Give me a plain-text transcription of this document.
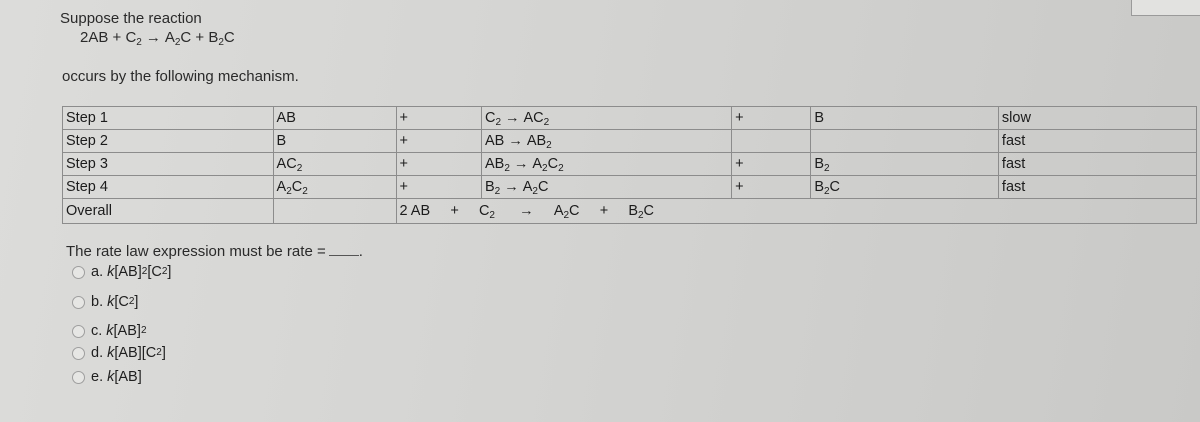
Suppose the reaction
$2AB + C_2 \to A_2C + B_2C$
occurs by the following mechanism.
Step 1	AB	+	$C_2 \to AC_2$	+	B	slow
Step 2	B	+	AB → $AB_2$			fast
Step 3	$AC_2$	+	$AB_2 \to A_2C_2$	+	$B_2$	fast
Step 4	$A_2C_2$	+	$B_2 \to A_2C$	+	$B_2C$	fast
Overall		2 AB + $C_2 \to A_2C + B_2C$				
The rate law expression must be rate = .
a. k [AB] 2 [C 2 ]
b. k [C 2 ]
c. k [AB] 2
d. k [AB][C 2 ]
e. k [AB]
